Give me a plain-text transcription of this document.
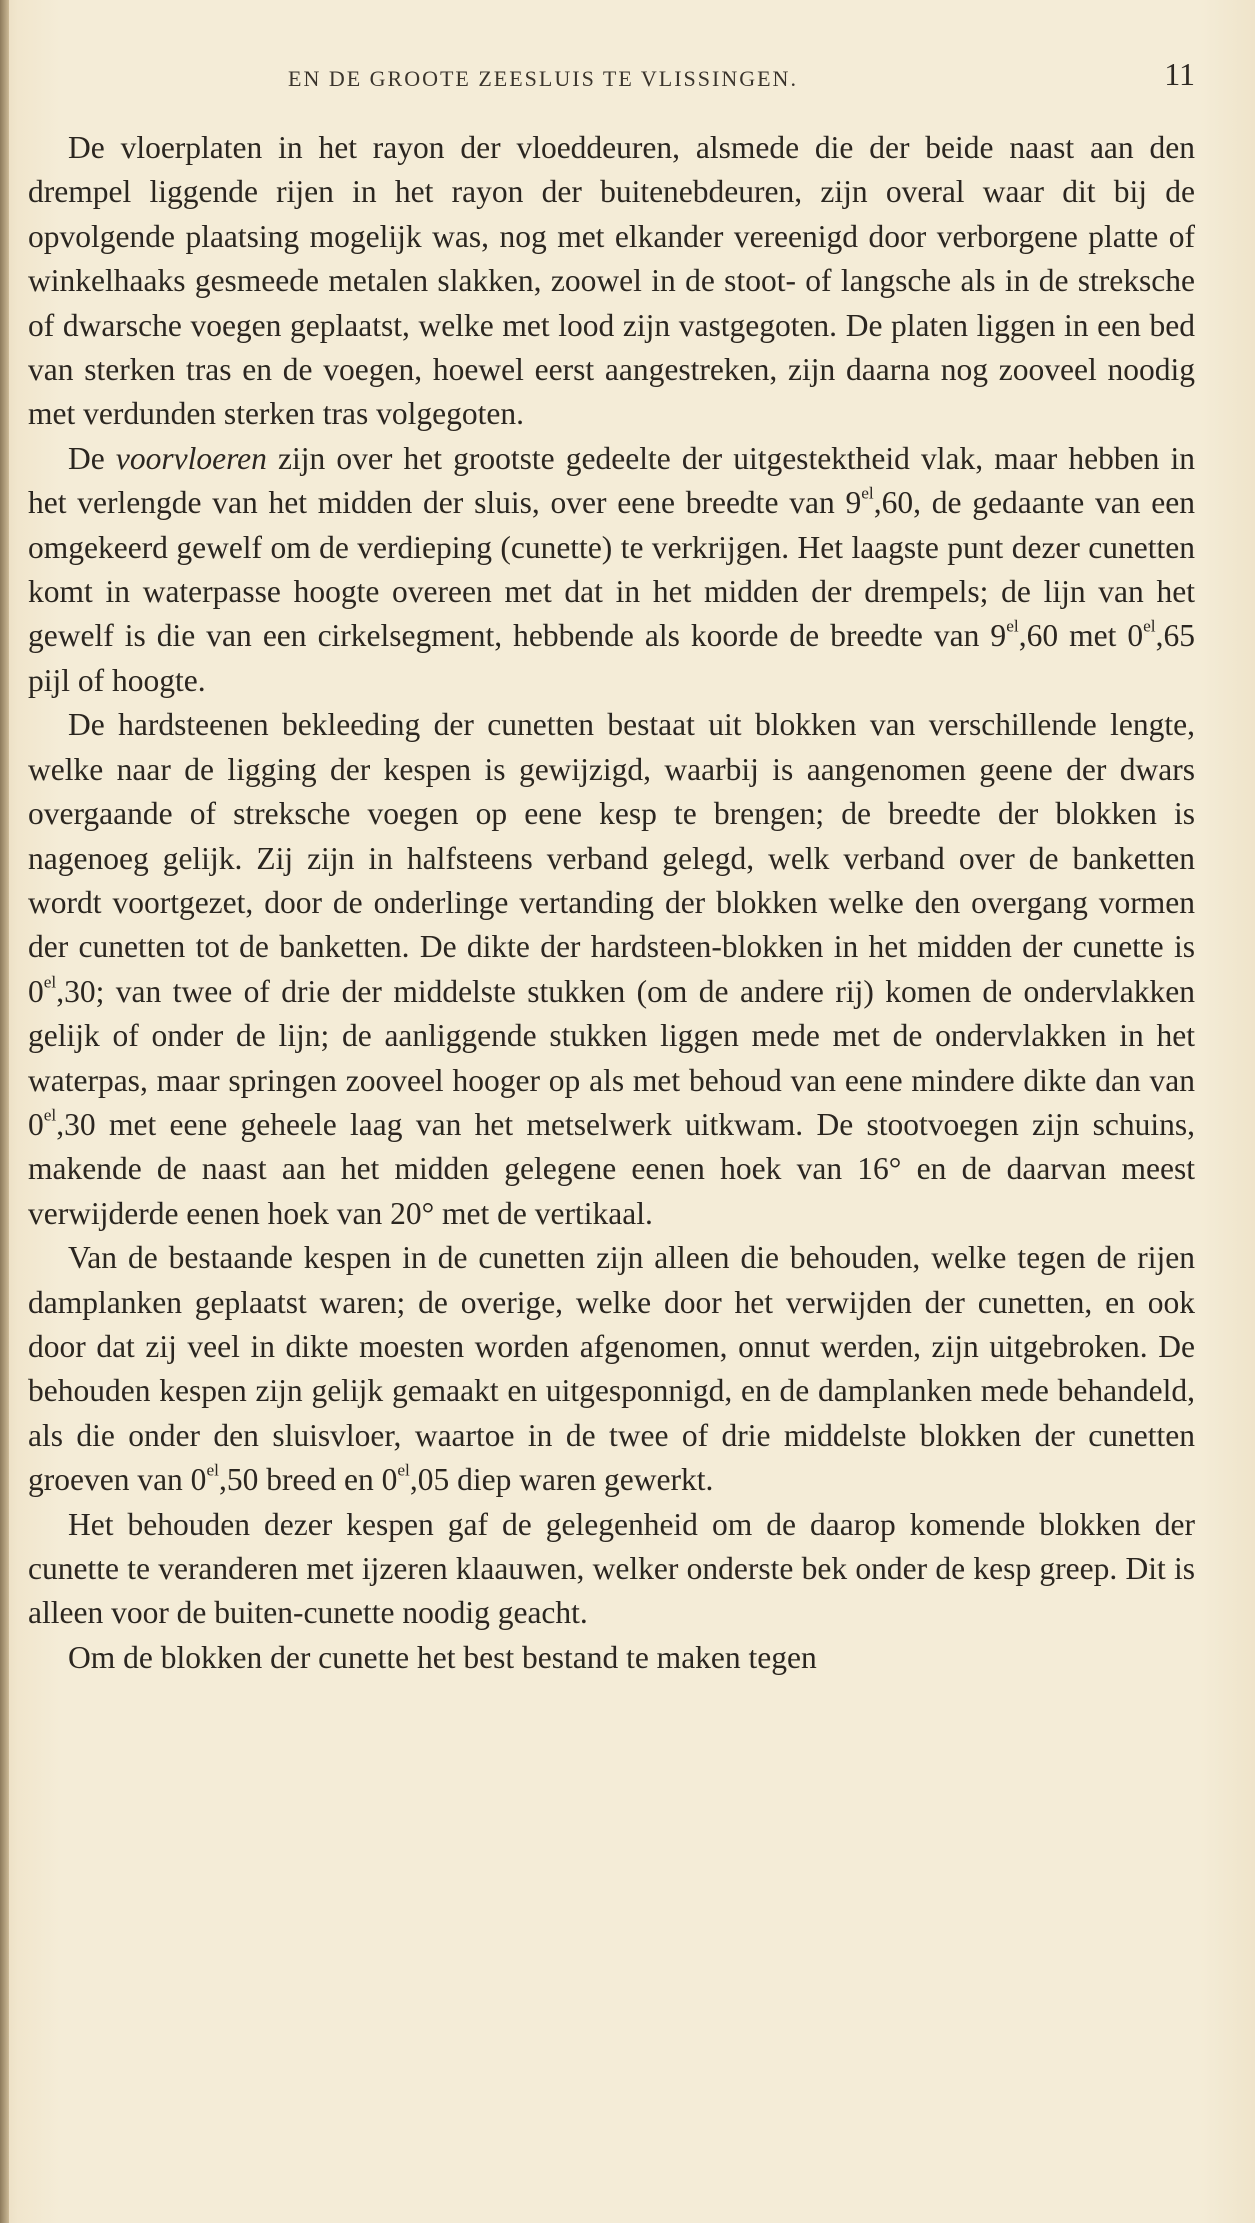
EN DE GROOTE ZEESLUIS TE VLISSINGEN.	11

De vloerplaten in het rayon der vloeddeuren, alsmede die der beide naast aan den drempel liggende rijen in het rayon der buitenebdeuren, zijn overal waar dit bij de opvolgende plaatsing mogelijk was, nog met elkander vereenigd door verborgene platte of winkelhaaks gesmeede metalen slakken, zoowel in de stoot- of langsche als in de streksche of dwarsche voegen geplaatst, welke met lood zijn vastgegoten. De platen liggen in een bed van sterken tras en de voegen, hoewel eerst aangestreken, zijn daarna nog zooveel noodig met verdunden sterken tras volgegoten.

De voorvloeren zijn over het grootste gedeelte der uitgestektheid vlak, maar hebben in het verlengde van het midden der sluis, over eene breedte van $9^{el},60$, de gedaante van een omgekeerd gewelf om de verdieping (cunette) te verkrijgen. Het laagste punt dezer cunetten komt in waterpasse hoogte overeen met dat in het midden der drempels; de lijn van het gewelf is die van een cirkelsegment, hebbende als koorde de breedte van $9^{el},60$ met $0^{el},65$ pijl of hoogte.

De hardsteenen bekleeding der cunetten bestaat uit blokken van verschillende lengte, welke naar de ligging der kespen is gewijzigd, waarbij is aangenomen geene der dwars overgaande of streksche voegen op eene kesp te brengen; de breedte der blokken is nagenoeg gelijk. Zij zijn in halfsteens verband gelegd, welk verband over de banketten wordt voortgezet, door de onderlinge vertanding der blokken welke den overgang vormen der cunetten tot de banketten. De dikte der hardsteen-blokken in het midden der cunette is $0^{el},30$; van twee of drie der middelste stukken (om de andere rij) komen de ondervlakken gelijk of onder de lijn; de aanliggende stukken liggen mede met de ondervlakken in het waterpas, maar springen zooveel hooger op als met behoud van eene mindere dikte dan van $0^{el},30$ met eene geheele laag van het metselwerk uitkwam. De stootvoegen zijn schuins, makende de naast aan het midden gelegene eenen hoek van 16° en de daarvan meest verwijderde eenen hoek van 20° met de vertikaal.

Van de bestaande kespen in de cunetten zijn alleen die behouden, welke tegen de rijen damplanken geplaatst waren; de overige, welke door het verwijden der cunetten, en ook door dat zij veel in dikte moesten worden afgenomen, onnut werden, zijn uitgebroken. De behouden kespen zijn gelijk gemaakt en uitgesponnigd, en de damplanken mede behandeld, als die onder den sluisvloer, waartoe in de twee of drie middelste blokken der cunetten groeven van $0^{el},50$ breed en $0^{el},05$ diep waren gewerkt.

Het behouden dezer kespen gaf de gelegenheid om de daarop komende blokken der cunette te veranderen met ijzeren klaauwen, welker onderste bek onder de kesp greep. Dit is alleen voor de buiten-cunette noodig geacht.

Om de blokken der cunette het best bestand te maken tegen
